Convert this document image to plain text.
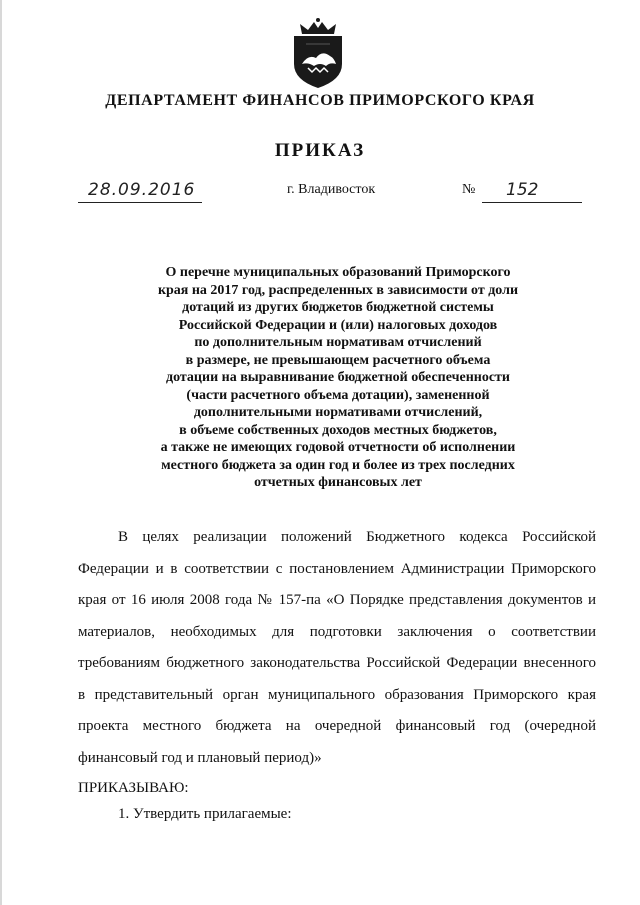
ДЕПАРТАМЕНТ ФИНАНСОВ ПРИМОРСКОГО КРАЯ
ПРИКАЗ
28.09.2016	г. Владивосток	№ 152
О перечне муниципальных образований Приморского
края на 2017 год, распределенных в зависимости от доли
дотаций из других бюджетов бюджетной системы
Российской Федерации и (или) налоговых доходов
по дополнительным нормативам отчислений
в размере, не превышающем расчетного объема
дотации на выравнивание бюджетной обеспеченности
(части расчетного объема дотации), замененной
дополнительными нормативами отчислений,
в объеме собственных доходов местных бюджетов,
а также не имеющих годовой отчетности об исполнении
местного бюджета за один год и более из трех последних
отчетных финансовых лет
В целях реализации положений Бюджетного кодекса Российской
Федерации и в соответствии с постановлением Администрации Приморского
края от 16 июля 2008 года № 157-па «О Порядке представления документов и
материалов, необходимых для подготовки заключения о соответствии
требованиям бюджетного законодательства Российской Федерации внесенного
в представительный орган муниципального образования Приморского края
проекта местного бюджета на очередной финансовый год (очередной
финансовый год и плановый период)»
ПРИКАЗЫВАЮ:
1. Утвердить прилагаемые:
